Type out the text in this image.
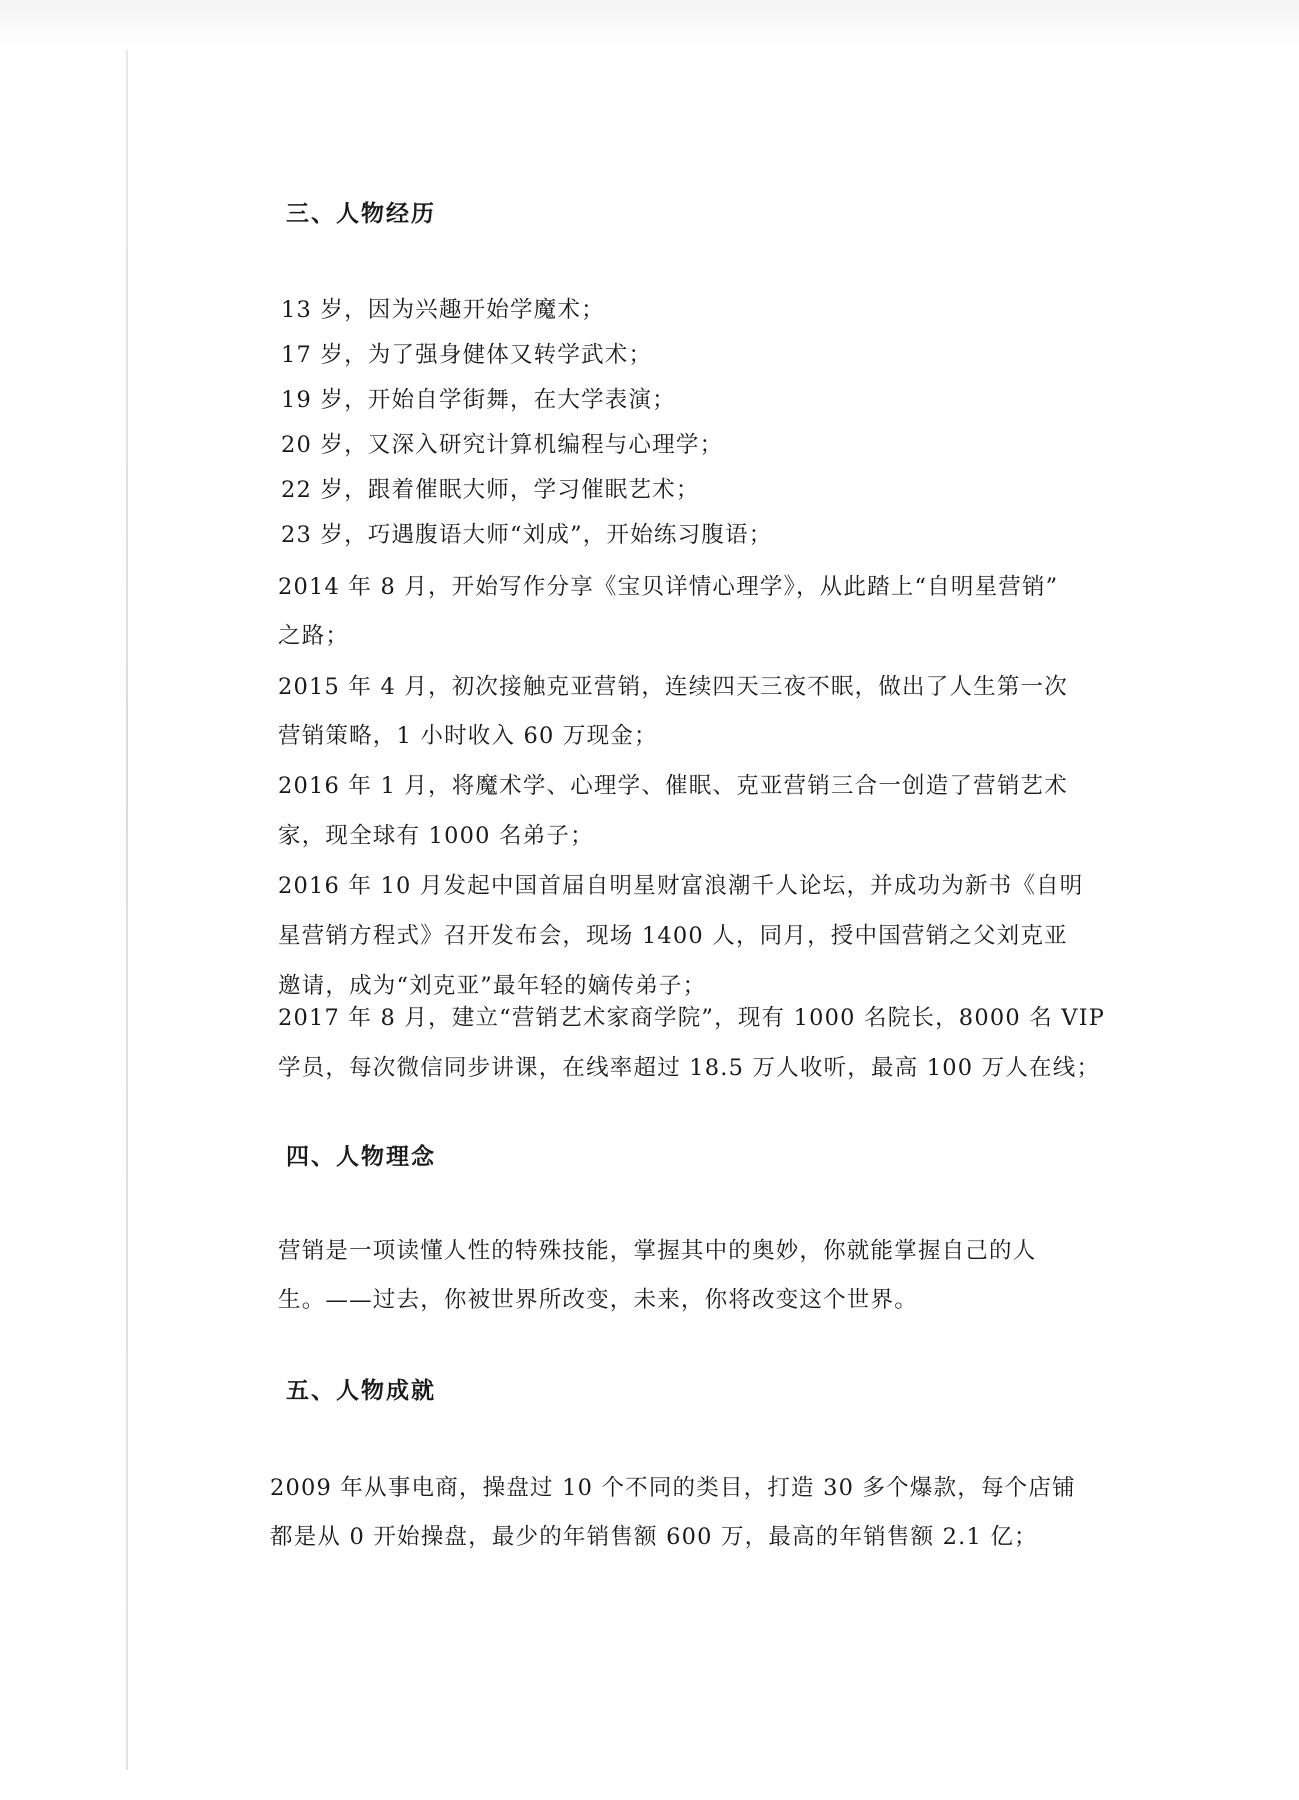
三、人物经历
13 岁，因为兴趣开始学魔术；
17 岁，为了强身健体又转学武术；
19 岁，开始自学街舞，在大学表演；
20 岁，又深入研究计算机编程与心理学；
22 岁，跟着催眠大师，学习催眠艺术；
23 岁，巧遇腹语大师“刘成”，开始练习腹语；
2014 年 8 月，开始写作分享《宝贝详情心理学》，从此踏上“自明星营销”
之路；
2015 年 4 月，初次接触克亚营销，连续四天三夜不眠，做出了人生第一次
营销策略，1 小时收入 60 万现金；
2016 年 1 月，将魔术学、心理学、催眠、克亚营销三合一创造了营销艺术
家，现全球有 1000 名弟子；
2016 年 10 月发起中国首届自明星财富浪潮千人论坛，并成功为新书《自明
星营销方程式》召开发布会，现场 1400 人，同月，授中国营销之父刘克亚
邀请，成为“刘克亚”最年轻的嫡传弟子；
2017 年 8 月，建立“营销艺术家商学院”，现有 1000 名院长，8000 名 VIP
学员，每次微信同步讲课，在线率超过 18.5 万人收听，最高 100 万人在线；
四、人物理念
营销是一项读懂人性的特殊技能，掌握其中的奥妙，你就能掌握自己的人
生。——过去，你被世界所改变，未来，你将改变这个世界。
五、人物成就
2009 年从事电商，操盘过 10 个不同的类目，打造 30 多个爆款，每个店铺
都是从 0 开始操盘，最少的年销售额 600 万，最高的年销售额 2.1 亿；
